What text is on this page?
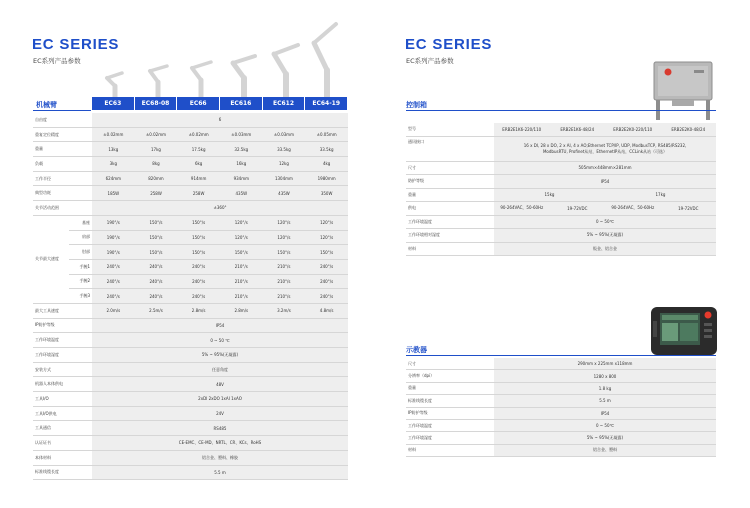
EC SERIES
EC系列产品参数
机械臂	EC63	EC68-08	EC66	EC616	EC612	EC64-19
自由度		6					
重复定位精度		±0.02mm	±0.02mm	±0.02mm	±0.03mm	±0.03mm	±0.05mm
重量		13kg	17kg	17.5kg	32.5kg	33.5kg	33.5kg
负载		3kg	8kg	6kg	16kg	12kg	4kg
工作半径		624mm	820mm	914mm	934mm	1304mm	1980mm
典型功耗		185W	258W	258W	435W	435W	350W
关节活动范围		±360°					
关节最大速度	基座	190°/s	150°/s	150°/s	120°/s	120°/s	120°/s
	肩部	190°/s	150°/s	150°/s	120°/s	120°/s	120°/s
	肘部	190°/s	150°/s	150°/s	150°/s	150°/s	150°/s
	手腕1	240°/s	240°/s	240°/s	210°/s	210°/s	240°/s
	手腕2	240°/s	240°/s	240°/s	210°/s	210°/s	240°/s
	手腕3	240°/s	240°/s	240°/s	210°/s	210°/s	240°/s
最大工具速度		2.0m/s	2.5m/s	2.8m/s	2.8m/s	3.2m/s	4.8m/s
IP防护等级		IP54					
工作环境温度		0 ~ 50 ℃					
工作环境湿度		5% ~ 95%(无凝露)					
安装方式		任意角度					
机器人本体供电		48V					
工具I/O		2xDI 2xDO 1xAI 1xAO					
工具I/O供电		24V					
工具通信		RS485					
认证证书		CE-EMC、CE-MD、NRTL、CR、KCs、RoHS					
本体材料		铝合金、塑料、橡胶					
标准线缆长度		5.5 m					
EC SERIES
EC系列产品参数
控制箱
型号	ERB2E1K6-220/110	ERB2E1K6-48/24	ERB2E2K0-220/110	ERB2E2K0-48/24
通讯接口	16 x DI, 28 x DO, 2 x AI, 4 x AO;Ethernet TCP/IP, UDP, ModbusTCP, RS485/RS232, ModbusRTU, Profinet从站，EthernetIP从站，CCLink从站（可选）			
尺寸	505mm×448mm×281mm			
防护等级	IP54			
重量	15kg		17kg	
供电	90-264VAC，50-60Hz	19-72VDC	90-264VAC，50-60Hz	19-72VDC
工作环境温度	0 ~ 50℃			
工作环境相对湿度	5% ~ 95%(无凝露)			
材料	钣金、铝合金			
示教器
尺寸	290mm x 225mm x118mm
分辨率（dpi）	1280 x 800
重量	1.8 kg
标准线缆长度	5.5 m
IP防护等级	IP54
工作环境温度	0 ~ 50℃
工作环境湿度	5% ~ 95%(无凝露)
材料	铝合金、塑料
